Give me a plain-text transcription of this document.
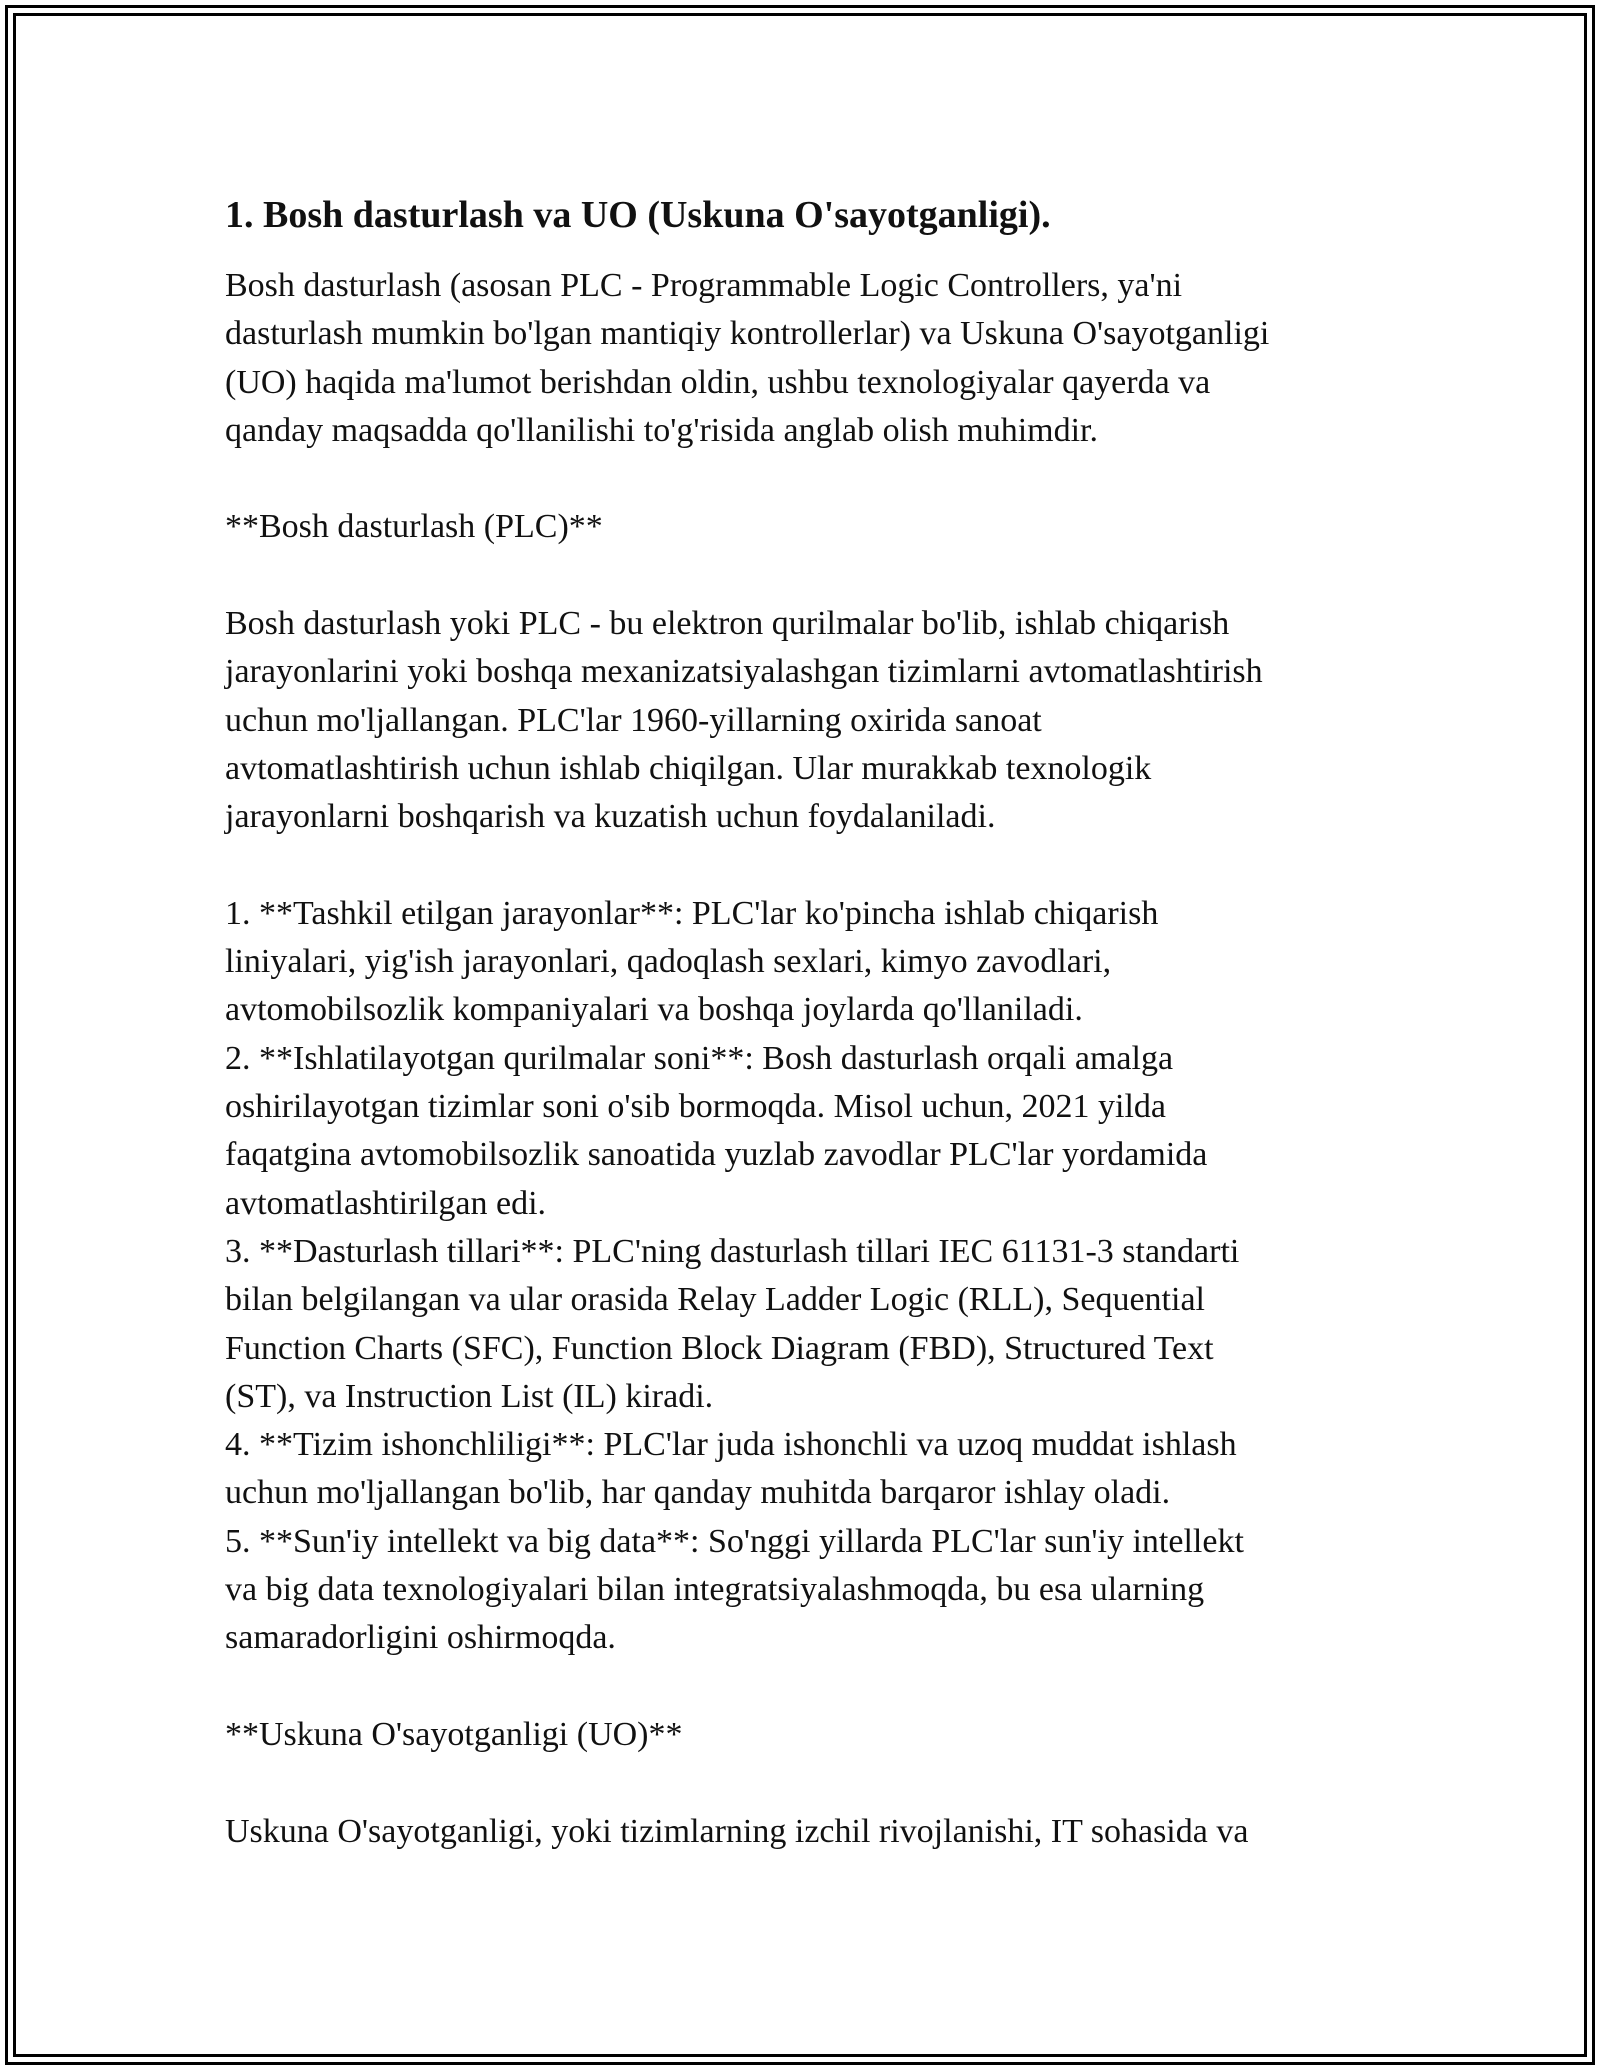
1. Bosh dasturlash va UO (Uskuna O'sayotganligi).

Bosh dasturlash (asosan PLC - Programmable Logic Controllers, ya'ni
dasturlash mumkin bo'lgan mantiqiy kontrollerlar) va Uskuna O'sayotganligi
(UO) haqida ma'lumot berishdan oldin, ushbu texnologiyalar qayerda va
qanday maqsadda qo'llanilishi to'g'risida anglab olish muhimdir.

**Bosh dasturlash (PLC)**

Bosh dasturlash yoki PLC - bu elektron qurilmalar bo'lib, ishlab chiqarish
jarayonlarini yoki boshqa mexanizatsiyalashgan tizimlarni avtomatlashtirish
uchun mo'ljallangan. PLC'lar 1960-yillarning oxirida sanoat
avtomatlashtirish uchun ishlab chiqilgan. Ular murakkab texnologik
jarayonlarni boshqarish va kuzatish uchun foydalaniladi.

1. **Tashkil etilgan jarayonlar**: PLC'lar ko'pincha ishlab chiqarish
liniyalari, yig'ish jarayonlari, qadoqlash sexlari, kimyo zavodlari,
avtomobilsozlik kompaniyalari va boshqa joylarda qo'llaniladi.

2. **Ishlatilayotgan qurilmalar soni**: Bosh dasturlash orqali amalga
oshirilayotgan tizimlar soni o'sib bormoqda. Misol uchun, 2021 yilda
faqatgina avtomobilsozlik sanoatida yuzlab zavodlar PLC'lar yordamida
avtomatlashtirilgan edi.

3. **Dasturlash tillari**: PLC'ning dasturlash tillari IEC 61131-3 standarti
bilan belgilangan va ular orasida Relay Ladder Logic (RLL), Sequential
Function Charts (SFC), Function Block Diagram (FBD), Structured Text
(ST), va Instruction List (IL) kiradi.

4. **Tizim ishonchliligi**: PLC'lar juda ishonchli va uzoq muddat ishlash
uchun mo'ljallangan bo'lib, har qanday muhitda barqaror ishlay oladi.

5. **Sun'iy intellekt va big data**: So'nggi yillarda PLC'lar sun'iy intellekt
va big data texnologiyalari bilan integratsiyalashmoqda, bu esa ularning
samaradorligini oshirmoqda.

**Uskuna O'sayotganligi (UO)**

Uskuna O'sayotganligi, yoki tizimlarning izchil rivojlanishi, IT sohasida va
